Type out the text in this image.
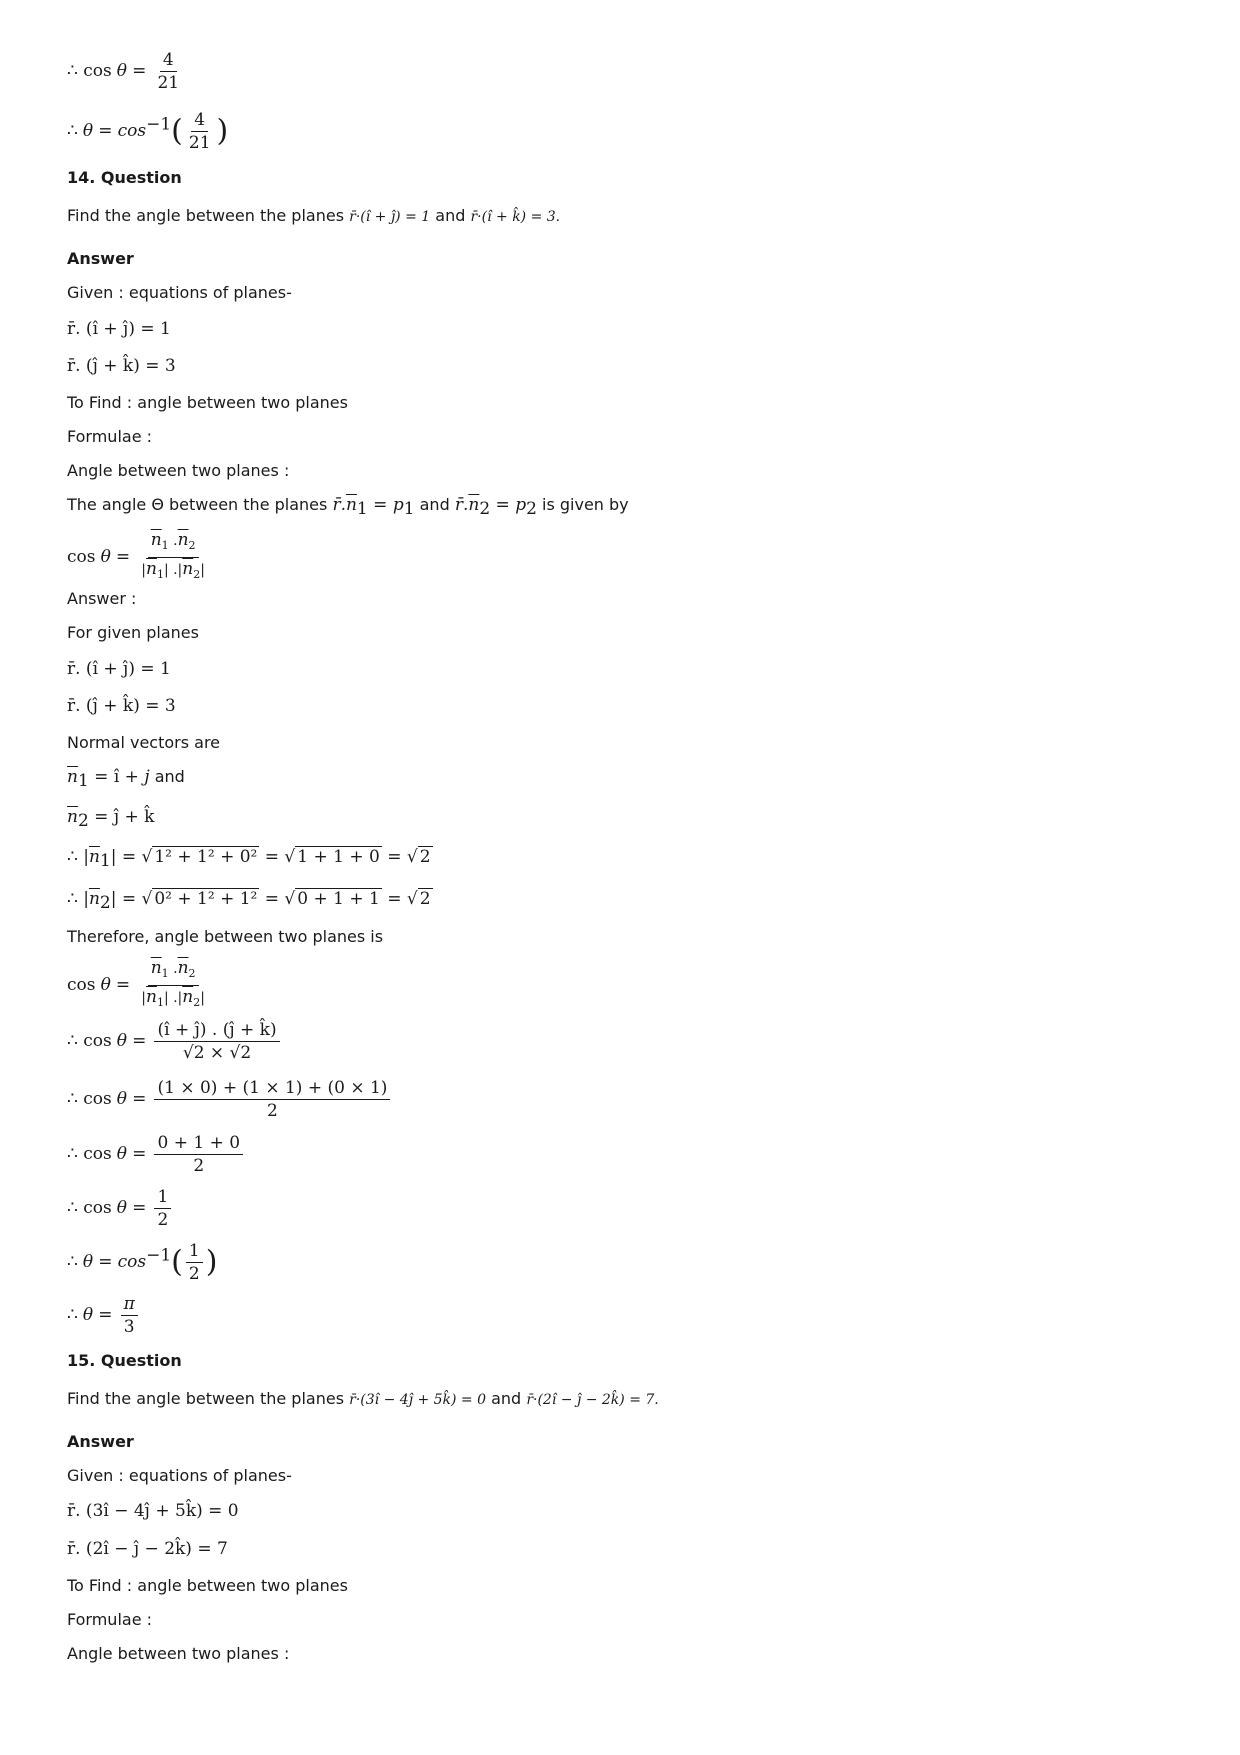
∴ $\cos \theta = \frac{4}{21}$
∴ $\theta = \cos^{-1}( \frac{4}{21}$ )
14. Question
Find the angle between the planes r̄·(î + ĵ) = 1 and r̄·(î + k̂) = 3.
Answer
Given : equations of planes-
r̄. (î + ĵ) = 1
r̄. (ĵ + k̂) = 3
To Find : angle between two planes
Formulae :
Angle between two planes :
The angle Θ between the planes $r̄.\overline{n}_1 = p_1$ and $r̄.\overline{n}_2 = p_2$ is given by
$\cos \theta = \frac{\overline{n}_1 .\overline{n}_2}{|\overline{n}_1| .|\overline{n}_2|}$
Answer :
For given planes
r̄. (î + ĵ) = 1
r̄. (ĵ + k̂) = 3
Normal vectors are
$\overline{n}_1$ = î + j and
$\overline{n}_2$ = ĵ + k̂
∴ $|\overline{n}_1|$ = √ 1² + 1² + 0² = √ 1 + 1 + 0 = √ 2
∴ $|\overline{n}_2|$ = √ 0² + 1² + 1² = √ 0 + 1 + 1 = √ 2
Therefore, angle between two planes is
$\cos \theta = \frac{\overline{n}_1 .\overline{n}_2}{|\overline{n}_1| .|\overline{n}_2|}$
∴ $\cos \theta = \frac{(î + ĵ) . (ĵ + k̂)}{√2 \times √2}$
∴ $\cos \theta = \frac{(1 \times 0) + (1 \times 1) + (0 \times 1)}{2}$
∴ $\cos \theta = \frac{0 + 1 + 0}{2}$
∴ $\cos \theta = \frac{1}{2}$
∴ $\theta = \cos^{-1}( \frac{1}{2}$ )
∴ $\theta = \frac{\pi}{3}$
15. Question
Find the angle between the planes r̄·(3î − 4ĵ + 5k̂) = 0 and r̄·(2î − ĵ − 2k̂) = 7.
Answer
Given : equations of planes-
r̄. (3î − 4ĵ + 5k̂) = 0
r̄. (2î − ĵ − 2k̂) = 7
To Find : angle between two planes
Formulae :
Angle between two planes :
